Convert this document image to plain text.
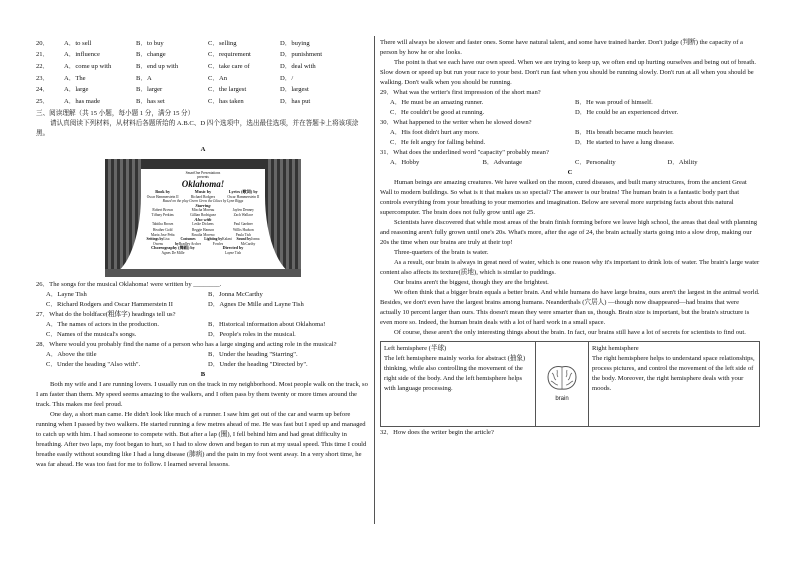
20．	A．to sell	B．to buy	C．selling	D．buying
21．	A．influence	B．change	C．requirement	D．punishment
22．	A．come up with	B．end up with	C．take care of	D．deal with
23．	A．The	B．A	C．An	D．/
24．	A．large	B．larger	C．the largest	D．largest
25．	A．has made	B．has set	C．has taken	D．has put

三、阅读理解（共 15 小题，每小题 1 分，满分 15 分）

请认真阅读下列材料，从材料后各题所给的 A.B.C、D 四个选项中，选出最佳选项，并在答题卡上将该项涂黑。

A

SmartOne Presentations
presents
Oklahoma!
Book by
Oscar Hammerstein II
Music by
Richard Rodgers
Lyrics (歌词) by
Oscar Hammerstein II
Based on the play Green Grow the Lilacs by Lynn Riggs
Starring
Robert Brown	Mischa Moreau	Jaylen Denney
Tiffany Perkins	Gillian Rodriguez	Zach Wallace
Also with
Tabitha Brown	Leslie Dickens	Paul Gardner
Heather Gold	Reggie Hanson	Willis Hudson
Maria Jose Peña	Rosalia Moreno	Paula Tish
Settings byLisa Owens
Costumes byBradley Archer
Lighting byKalani Fowles
Sound byJonna McCarthy
Choreography (舞蹈) by
Agnes De Mille
Directed by
Layne Tish

26．The songs for the musical Oklahoma! were written by ________.

A．Layne Tish	B．Jonna McCarthy C．Richard Rodgers and Oscar Hammerstein II	D．Agnes De Mille and Layne Tish

27．What do the boldface(粗体字) headings tell us?

A．The names of actors in the production.	B．Historical information about Oklahoma! C．Names of the musical's songs.	D．People's roles in the musical.

28．Where would you probably find the name of a person who has a large singing and acting role in the musical?

A．Above the title	B．Under the heading "Starring". C．Under the heading "Also with".	D．Under the heading "Directed by".

B

Both my wife and I are running lovers. I usually run on the track in my neighborhood. Most people walk on the track, so I am faster than them. My speed seems amazing to the walkers, and I often pass by them twenty or more times around the track. This makes me feel proud.

One day, a short man came. He didn't look like much of a runner. I saw him get out of the car and warm up before running when I passed by two walkers. He started running a few metres ahead of me. He was fast but I sped up and managed to catch up with him. I had someone to compete with. But after a lap (圈), I fell behind him and had great difficulty in breathing. After two laps, my foot began to hurt, so I had to slow down and began to run at my usual speed. This time I could breathe easily without sounding like I had a lung disease (肺病) and the pain in my foot went away. In a very short time, he was far ahead. He was too fast for me to follow. I learned several lessons.

There will always be slower and faster ones. Some have natural talent, and some have trained harder. Don't judge (判断) the capacity of a person by how he or she looks.

The point is that we each have our own speed. When we are trying to keep up, we often end up hurting ourselves and being out of breath. Slow down or speed up but run your race to your best. Don't run fast when you should be running slowly. Don't run at all when you should be walking. Don't walk when you should be running.

29．What was the writer's first impression of the short man?

A．He must be an amazing runner.	B．He was proud of himself. C．He couldn't be good at running.	D．He could be an experienced driver.

30．What happened to the writer when he slowed down?

A．His foot didn't hurt any more.	B．His breath became much heavier. C．He felt angry for falling behind.	D．He started to have a lung disease.

31．What does the underlined word "capacity" probably mean?

A．Hobby	B．Advantage	C．Personality	D．Ability

C

Human beings are amazing creatures. We have walked on the moon, cured diseases, and built many structures, from the ancient Great Wall to modern buildings. So what is it that makes us so special? The answer is our brains! The human brain is a fantastic body part that controls everything from your breathing to your memories and imagination. Below are several more surprising facts about this natural supercomputer. The brain does not fully grow until age 25.

Scientists have discovered that while most areas of the brain finish forming before we leave high school, the areas that deal with planning and reasoning aren't fully grown until one's 20s. What's more, after the age of 24, the brain actually starts going into a slow drop, making our 20s the time when our brains are truly at their top!

Three-quarters of the brain is water.

As a result, our brain is always in great need of water, which is one reason why it's important to drink lots of water. The brain's large water content also affects its texture(质地), which is similar to puddings.

Our brains aren't the biggest, though they are the brightest.

We often think that a bigger brain equals a better brain. And while humans do have large brains, ours aren't the largest in the animal world. Besides, we don't even have the largest brains among humans. Neanderthals (穴居人) —though now disappeared—had brains that were actually 10 percent larger than ours. This doesn't mean they were smarter than us, though. Brain size is important, but the brain's structure is even more so. Indeed, the human brain deals with a lot of hard work in a small space.

Of course, these aren't the only interesting things about the brain. In fact, our brains still have a lot of secrets for scientists to find out.

Left hemisphere (半球)

The left hemisphere mainly works for abstract (抽象) thinking, while also controlling the movement of the right side of the body. And the left hemisphere helps with language processing.

brain

Right hemisphere

The right hemisphere helps to understand space relationships, process pictures, and control the movement of the left side of the body. Moreover, the right hemisphere deals with your moods.

32．How does the writer begin the article?
